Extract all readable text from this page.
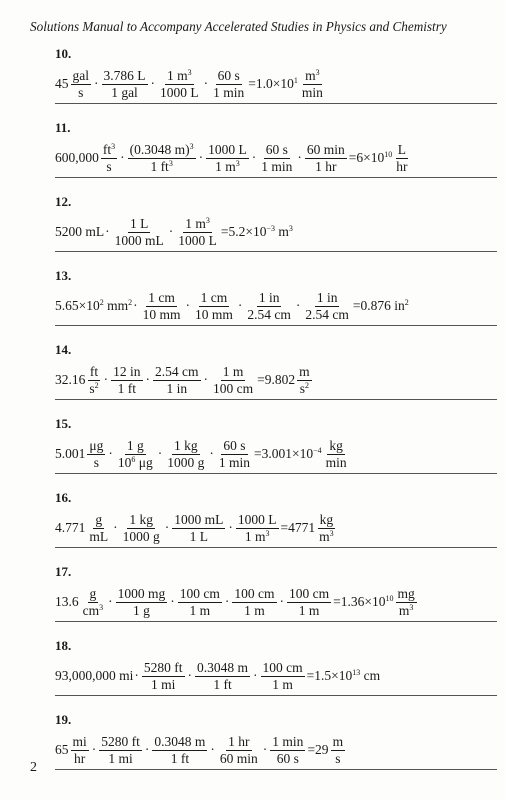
Solutions Manual to Accompany Accelerated Studies in Physics and Chemistry
10.
$45 \frac{\text{gal}}{s} \cdot \frac{3.786 L}{\text{1 gal}} \cdot \frac{1 m^3}{1000 L} \cdot \frac{60 s}{1 \min} =1.0\times 10^1 \frac{m^3}{\min}$
11.
$600,000 \frac{ft^3}{s} \cdot \frac{(0.3048 m)^3}{1 ft^3} \cdot \frac{1000 L}{1 m^3} \cdot \frac{60 s}{1 \min} \cdot \frac{60 \min}{1 hr} =6\times 10^{10} \frac{L}{hr}$
12.
5200 mL · $\frac{1 L}{1000 mL} \cdot \frac{1 m^3}{1000 L} =5.2\times 10^{-3}$ $m^3$
13.
$5.65\times 10^2$ $mm^2 \cdot \frac{1 cm}{10 mm} \cdot \frac{1 cm}{10 mm} \cdot \frac{1 in}{2.54 cm} \cdot \frac{1 in}{2.54 cm} =0.876$ $in^2$
14.
$32.16 \frac{ft}{s^2} \cdot \frac{12 in}{1 ft} \cdot \frac{2.54 cm}{1 in} \cdot \frac{1 m}{100 cm} =9.802 \frac{m}{s^2}$
15.
$5.001 \frac{\mu g}{s} \cdot \frac{1 g}{10^6 \mu g} \cdot \frac{1 kg}{1000 g} \cdot \frac{60 s}{1 \min} =3.001\times 10^{-4} \frac{kg}{\min}$
16.
$4.771 \frac{g}{mL} \cdot \frac{1 kg}{1000 g} \cdot \frac{1000 mL}{1 L} \cdot \frac{1000 L}{1 m^3} =4771 \frac{kg}{m^3}$
17.
$13.6 \frac{g}{cm^3} \cdot \frac{1000 mg}{1 g} \cdot \frac{100 cm}{1 m} \cdot \frac{100 cm}{1 m} \cdot \frac{100 cm}{1 m} =1.36\times 10^{10} \frac{mg}{m^3}$
18.
93,000,000 mi · $\frac{5280 ft}{1 mi} \cdot \frac{0.3048 m}{1 ft} \cdot \frac{100 cm}{1 m} =1.5\times 10^{13}$ cm
19.
$65 \frac{mi}{hr} \cdot \frac{5280 ft}{1 mi} \cdot \frac{0.3048 m}{1 ft} \cdot \frac{1 hr}{60 \min} \cdot \frac{1 \min}{60 s} =29 \frac{m}{s}$
2
